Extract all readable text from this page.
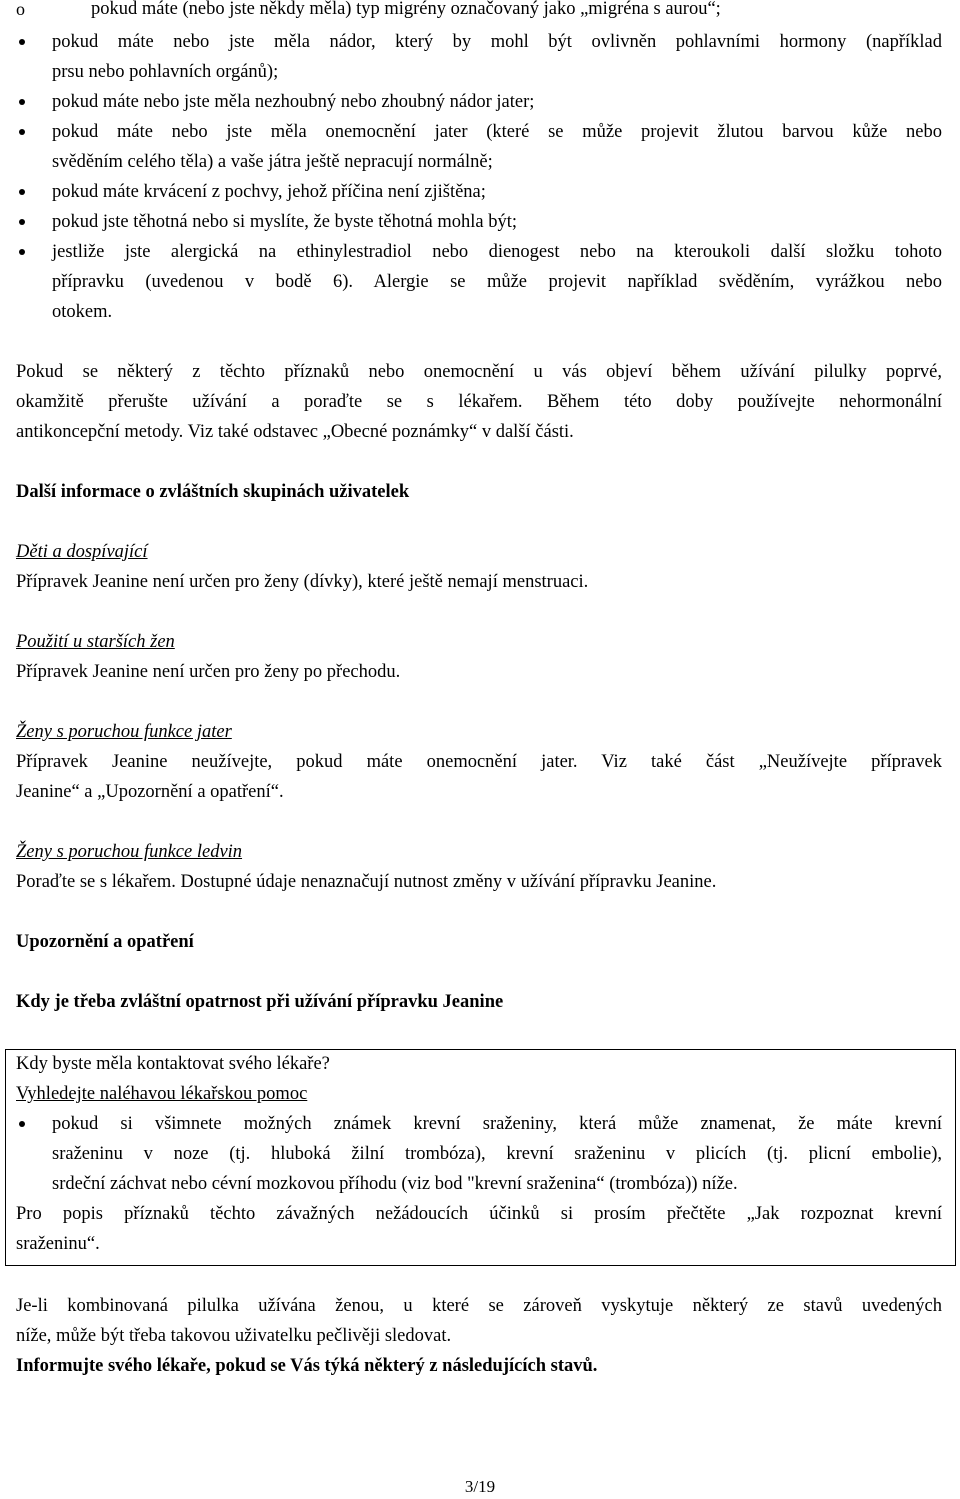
o	pokud máte (nebo jste někdy měla) typ migrény označovaný jako „migréna s aurou“;
pokud máte nebo jste měla nádor, který by mohl být ovlivněn pohlavními hormony (například
prsu nebo pohlavních orgánů);
pokud máte nebo jste měla nezhoubný nebo zhoubný nádor jater;
pokud máte nebo jste měla onemocnění jater (které se může projevit žlutou barvou kůže nebo
svěděním celého těla) a vaše játra ještě nepracují normálně;
pokud máte krvácení z pochvy, jehož příčina není zjištěna;
pokud jste těhotná nebo si myslíte, že byste těhotná mohla být;
jestliže jste alergická na ethinylestradiol nebo dienogest nebo na kteroukoli další složku tohoto
přípravku (uvedenou v bodě 6). Alergie se může projevit například svěděním, vyrážkou nebo
otokem.
Pokud se některý z těchto příznaků nebo onemocnění u vás objeví během užívání pilulky poprvé,
okamžitě přerušte užívání a poraďte se s lékařem. Během této doby používejte nehormonální
antikoncepční metody. Viz také odstavec „Obecné poznámky“ v další části.
Další informace o zvláštních skupinách uživatelek
Děti a dospívající
Přípravek Jeanine není určen pro ženy (dívky), které ještě nemají menstruaci.
Použití u starších žen
Přípravek Jeanine není určen pro ženy po přechodu.
Ženy s poruchou funkce jater
Přípravek Jeanine neužívejte, pokud máte onemocnění jater. Viz také část „Neužívejte přípravek
Jeanine“ a „Upozornění a opatření“.
Ženy s poruchou funkce ledvin
Poraďte se s lékařem. Dostupné údaje nenaznačují nutnost změny v užívání přípravku Jeanine.
Upozornění a opatření
Kdy je třeba zvláštní opatrnost při užívání přípravku Jeanine
Kdy byste měla kontaktovat svého lékaře?
Vyhledejte naléhavou lékařskou pomoc
pokud si všimnete možných známek krevní sraženiny, která může znamenat, že máte krevní
sraženinu v noze (tj. hluboká žilní trombóza), krevní sraženinu v plicích (tj. plicní embolie),
srdeční záchvat nebo cévní mozkovou příhodu (viz bod "krevní sraženina“ (trombóza)) níže.
Pro popis příznaků těchto závažných nežádoucích účinků si prosím přečtěte „Jak rozpoznat krevní
sraženinu“.
Je-li kombinovaná pilulka užívána ženou, u které se zároveň vyskytuje některý ze stavů uvedených
níže, může být třeba takovou uživatelku pečlivěji sledovat.
Informujte svého lékaře, pokud se Vás týká některý z následujících stavů.
3/19
